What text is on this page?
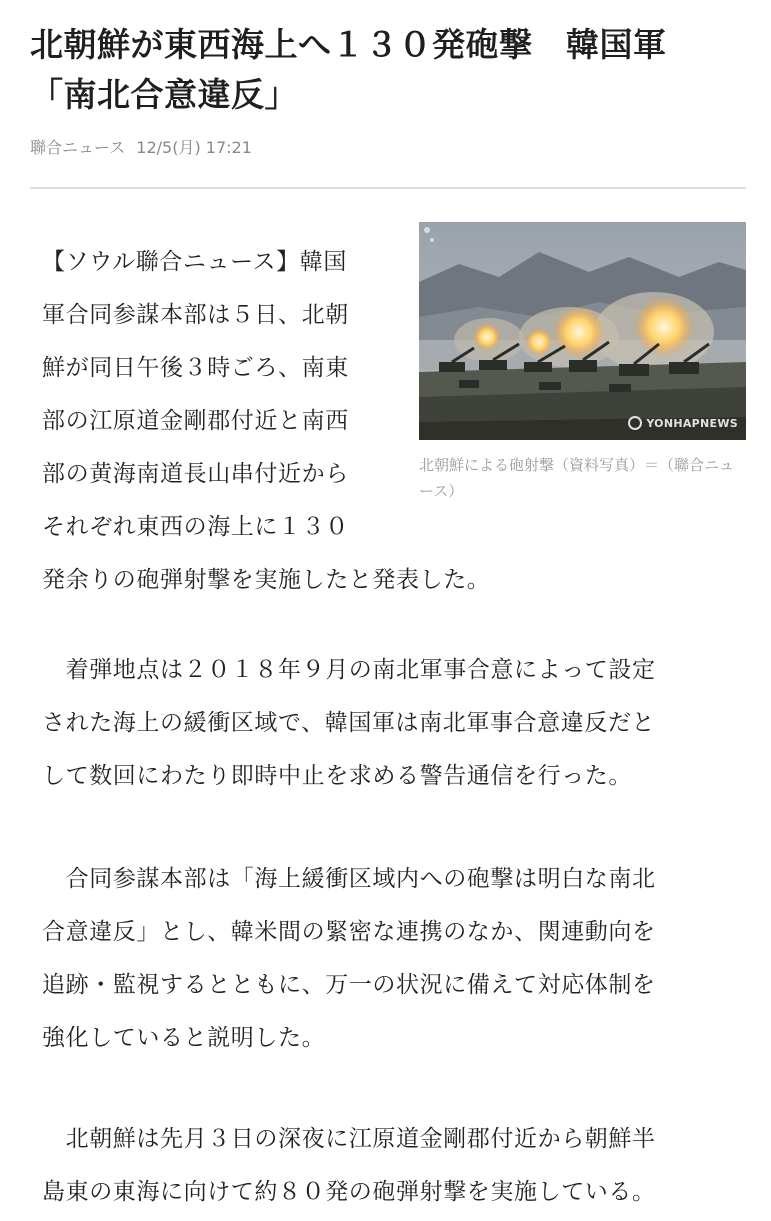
北朝鮮が東西海上へ１３０発砲撃　韓国軍
「南北合意違反」
聯合ニュース 12/5(月) 17:21
YONHAPNEWS
北朝鮮による砲射撃（資料写真）＝（聯合ニュース）

【ソウル聯合ニュース】韓国
軍合同参謀本部は５日、北朝
鮮が同日午後３時ごろ、南東
部の江原道金剛郡付近と南西
部の黄海南道長山串付近から
それぞれ東西の海上に１３０
発余りの砲弾射撃を実施したと発表した。

　着弾地点は２０１８年９月の南北軍事合意によって設定
された海上の緩衝区域で、韓国軍は南北軍事合意違反だと
して数回にわたり即時中止を求める警告通信を行った。

　合同参謀本部は「海上緩衝区域内への砲撃は明白な南北
合意違反」とし、韓米間の緊密な連携のなか、関連動向を
追跡・監視するとともに、万一の状況に備えて対応体制を
強化していると説明した。

　北朝鮮は先月３日の深夜に江原道金剛郡付近から朝鮮半
島東の東海に向けて約８０発の砲弾射撃を実施している。
